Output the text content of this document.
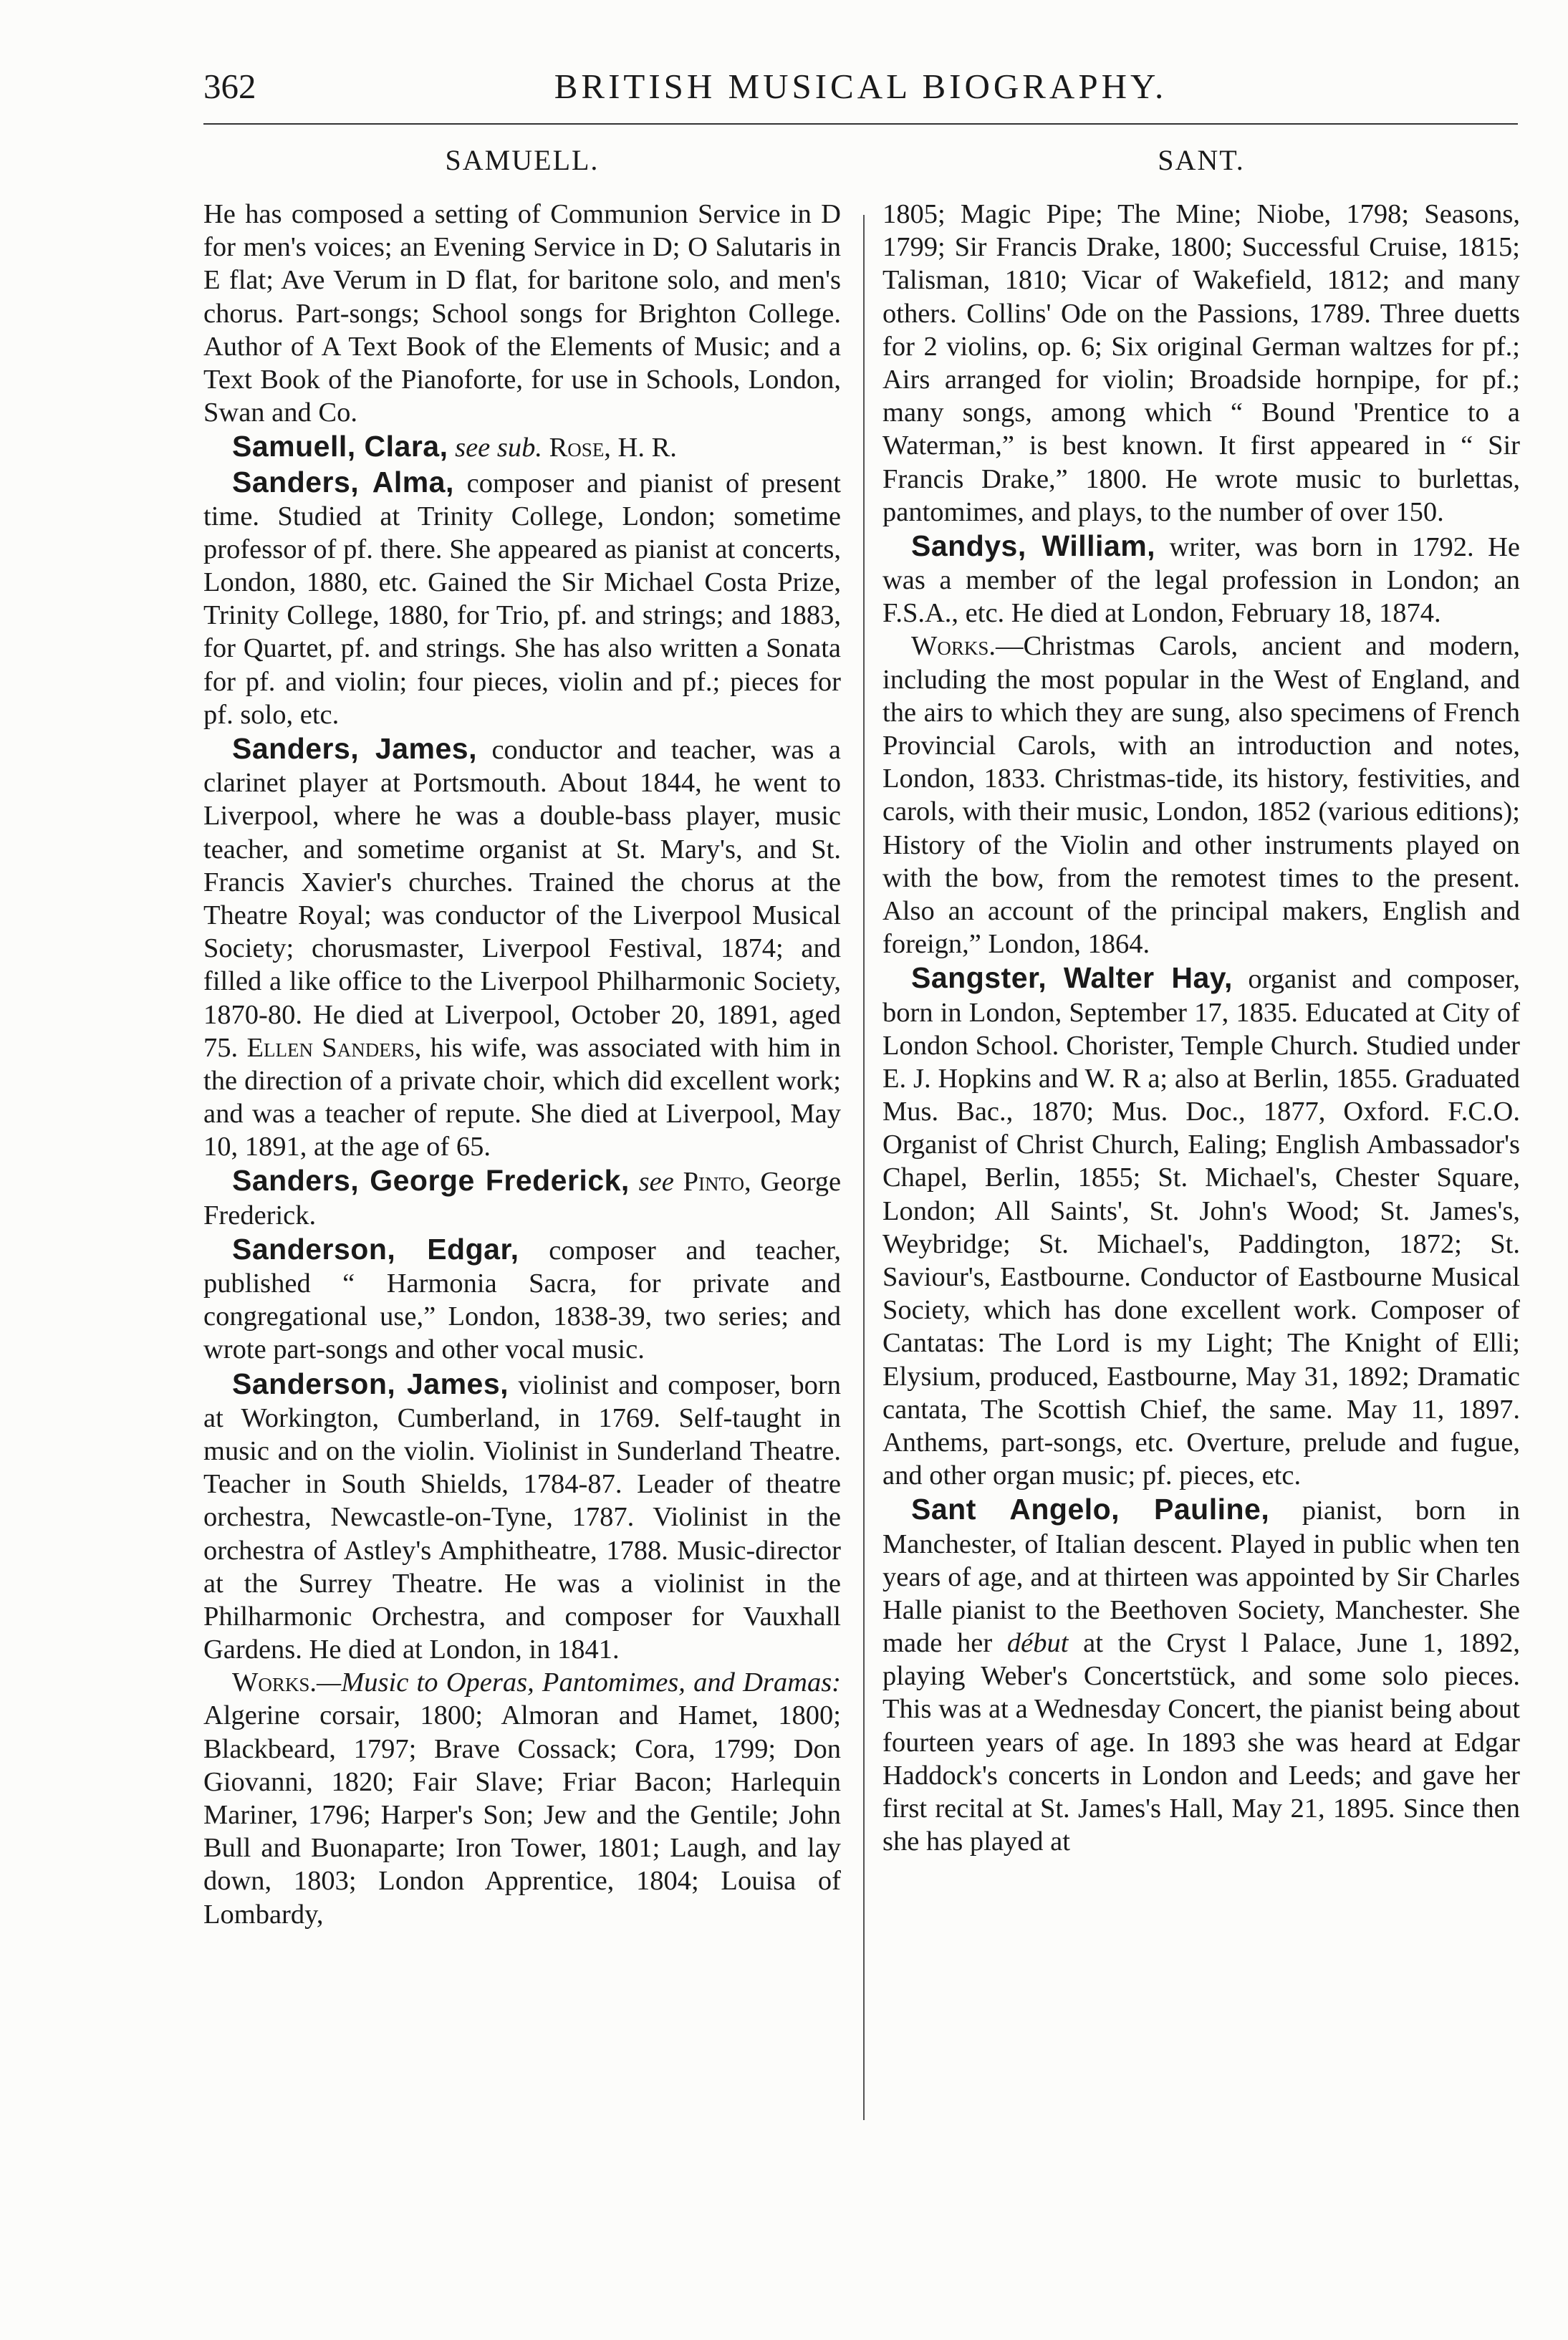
362	BRITISH MUSICAL BIOGRAPHY.
SAMUELL.

He has composed a setting of Communion Service in D for men's voices; an Evening Service in D; O Salutaris in E flat; Ave Verum in D flat, for baritone solo, and men's chorus. Part-songs; School songs for Brighton College. Author of A Text Book of the Elements of Music; and a Text Book of the Pianoforte, for use in Schools, London, Swan and Co.

Samuell, Clara, see sub. Rose, H. R.

Sanders, Alma, composer and pianist of present time. Studied at Trinity College, London; sometime professor of pf. there. She appeared as pianist at concerts, London, 1880, etc. Gained the Sir Michael Costa Prize, Trinity College, 1880, for Trio, pf. and strings; and 1883, for Quartet, pf. and strings. She has also written a Sonata for pf. and violin; four pieces, violin and pf.; pieces for pf. solo, etc.

Sanders, James, conductor and teacher, was a clarinet player at Portsmouth. About 1844, he went to Liverpool, where he was a double-bass player, music teacher, and sometime organist at St. Mary's, and St. Francis Xavier's churches. Trained the chorus at the Theatre Royal; was conductor of the Liverpool Musical Society; chorusmaster, Liverpool Festival, 1874; and filled a like office to the Liverpool Philharmonic Society, 1870-80. He died at Liverpool, October 20, 1891, aged 75. Ellen Sanders, his wife, was associated with him in the direction of a private choir, which did excellent work; and was a teacher of repute. She died at Liverpool, May 10, 1891, at the age of 65.

Sanders, George Frederick, see Pinto, George Frederick.

Sanderson, Edgar, composer and teacher, published “ Harmonia Sacra, for private and congregational use,” London, 1838-39, two series; and wrote part-songs and other vocal music.

Sanderson, James, violinist and composer, born at Workington, Cumberland, in 1769. Self-taught in music and on the violin. Violinist in Sunderland Theatre. Teacher in South Shields, 1784-87. Leader of theatre orchestra, Newcastle-on-Tyne, 1787. Violinist in the orchestra of Astley's Amphitheatre, 1788. Music-director at the Surrey Theatre. He was a violinist in the Philharmonic Orchestra, and composer for Vauxhall Gardens. He died at London, in 1841.

Works.—Music to Operas, Pantomimes, and Dramas: Algerine corsair, 1800; Almoran and Hamet, 1800; Blackbeard, 1797; Brave Cossack; Cora, 1799; Don Giovanni, 1820; Fair Slave; Friar Bacon; Harlequin Mariner, 1796; Harper's Son; Jew and the Gentile; John Bull and Buonaparte; Iron Tower, 1801; Laugh, and lay down, 1803; London Apprentice, 1804; Louisa of Lombardy,

SANT.

1805; Magic Pipe; The Mine; Niobe, 1798; Seasons, 1799; Sir Francis Drake, 1800; Successful Cruise, 1815; Talisman, 1810; Vicar of Wakefield, 1812; and many others. Collins' Ode on the Passions, 1789. Three duetts for 2 violins, op. 6; Six original German waltzes for pf.; Airs arranged for violin; Broadside hornpipe, for pf.; many songs, among which “ Bound 'Prentice to a Waterman,” is best known. It first appeared in “ Sir Francis Drake,” 1800. He wrote music to burlettas, pantomimes, and plays, to the number of over 150.

Sandys, William, writer, was born in 1792. He was a member of the legal profession in London; an F.S.A., etc. He died at London, February 18, 1874.

Works.—Christmas Carols, ancient and modern, including the most popular in the West of England, and the airs to which they are sung, also specimens of French Provincial Carols, with an introduction and notes, London, 1833. Christmas-tide, its history, festivities, and carols, with their music, London, 1852 (various editions); History of the Violin and other instruments played on with the bow, from the remotest times to the present. Also an account of the principal makers, English and foreign,” London, 1864.

Sangster, Walter Hay, organist and composer, born in London, September 17, 1835. Educated at City of London School. Chorister, Temple Church. Studied under E. J. Hopkins and W. R a; also at Berlin, 1855. Graduated Mus. Bac., 1870; Mus. Doc., 1877, Oxford. F.C.O. Organist of Christ Church, Ealing; English Ambassador's Chapel, Berlin, 1855; St. Michael's, Chester Square, London; All Saints', St. John's Wood; St. James's, Weybridge; St. Michael's, Paddington, 1872; St. Saviour's, Eastbourne. Conductor of Eastbourne Musical Society, which has done excellent work. Composer of Cantatas: The Lord is my Light; The Knight of Elli; Elysium, produced, Eastbourne, May 31, 1892; Dramatic cantata, The Scottish Chief, the same. May 11, 1897. Anthems, part-songs, etc. Overture, prelude and fugue, and other organ music; pf. pieces, etc.

Sant Angelo, Pauline, pianist, born in Manchester, of Italian descent. Played in public when ten years of age, and at thirteen was appointed by Sir Charles Halle pianist to the Beethoven Society, Manchester. She made her début at the Cryst l Palace, June 1, 1892, playing Weber's Concertstück, and some solo pieces. This was at a Wednesday Concert, the pianist being about fourteen years of age. In 1893 she was heard at Edgar Haddock's concerts in London and Leeds; and gave her first recital at St. James's Hall, May 21, 1895. Since then she has played at
